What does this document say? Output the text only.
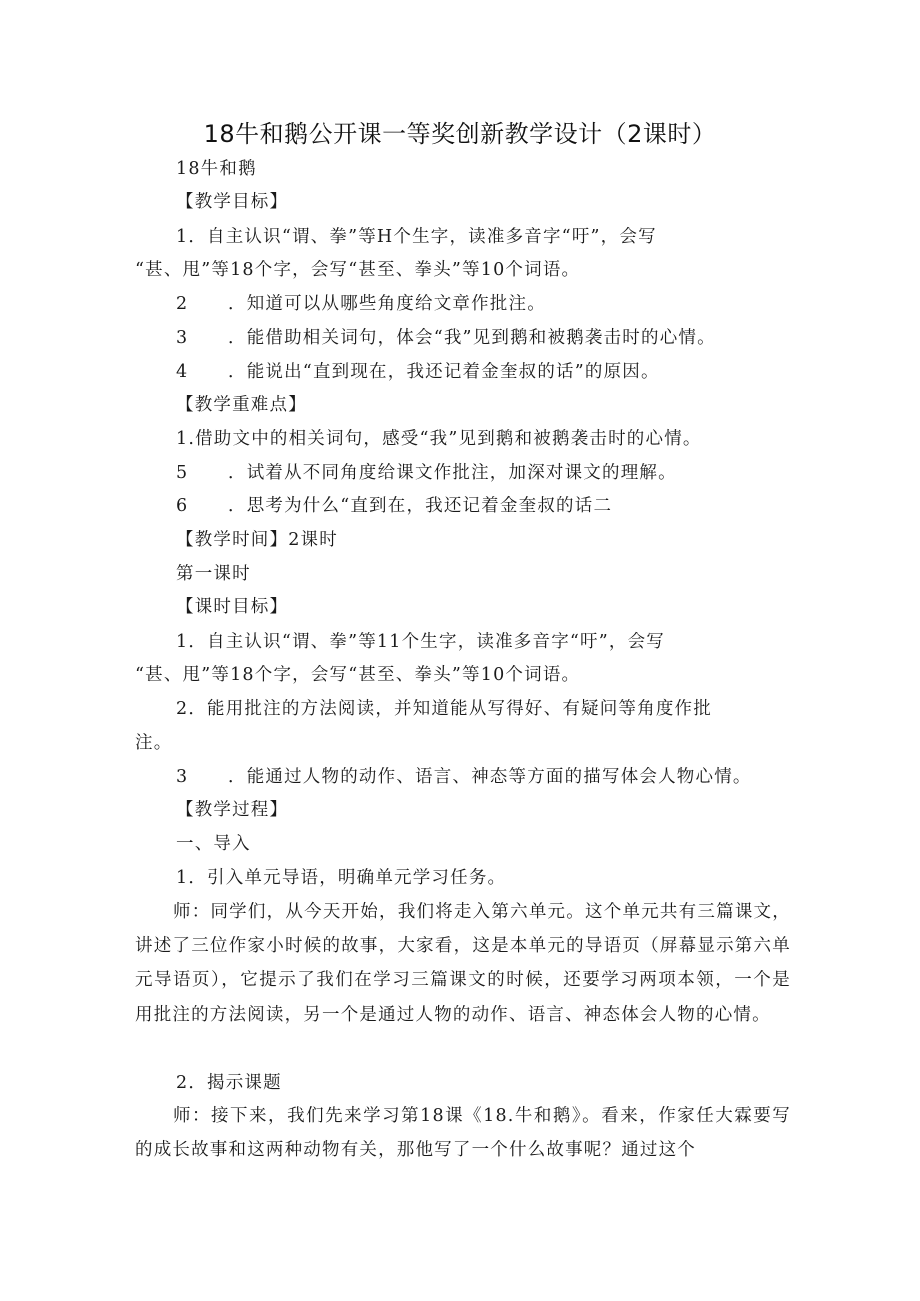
18牛和鹅公开课一等奖创新教学设计（2课时）
18牛和鹅
【教学目标】
1．自主认识“谓、拳”等H个生字，读准多音字“吁”，会写
“甚、甩”等18个字，会写“甚至、拳头”等10个词语。
2 ．知道可以从哪些角度给文章作批注。
3 ．能借助相关词句，体会“我”见到鹅和被鹅袭击时的心情。
4 ．能说出“直到现在，我还记着金奎叔的话”的原因。
【教学重难点】
1.借助文中的相关词句，感受“我”见到鹅和被鹅袭击时的心情。
5 ．试着从不同角度给课文作批注，加深对课文的理解。
6 ．思考为什么“直到在，我还记着金奎叔的话二
【教学时间】2课时
第一课时
【课时目标】
1．自主认识“谓、拳”等11个生字，读准多音字“吁”，会写
“甚、甩”等18个字，会写“甚至、拳头”等10个词语。
2．能用批注的方法阅读，并知道能从写得好、有疑问等角度作批
注。
3 ．能通过人物的动作、语言、神态等方面的描写体会人物心情。
【教学过程】
一、导入
1．引入单元导语，明确单元学习任务。
师：同学们，从今天开始，我们将走入第六单元。这个单元共有三篇课文，讲述了三位作家小时候的故事，大家看，这是本单元的导语页（屏幕显示第六单元导语页），它提示了我们在学习三篇课文的时候，还要学习两项本领，一个是用批注的方法阅读，另一个是通过人物的动作、语言、神态体会人物的心情。
2．揭示课题
师：接下来，我们先来学习第18课《18.牛和鹅》。看来，作家任大霖要写的成长故事和这两种动物有关，那他写了一个什么故事呢？通过这个
